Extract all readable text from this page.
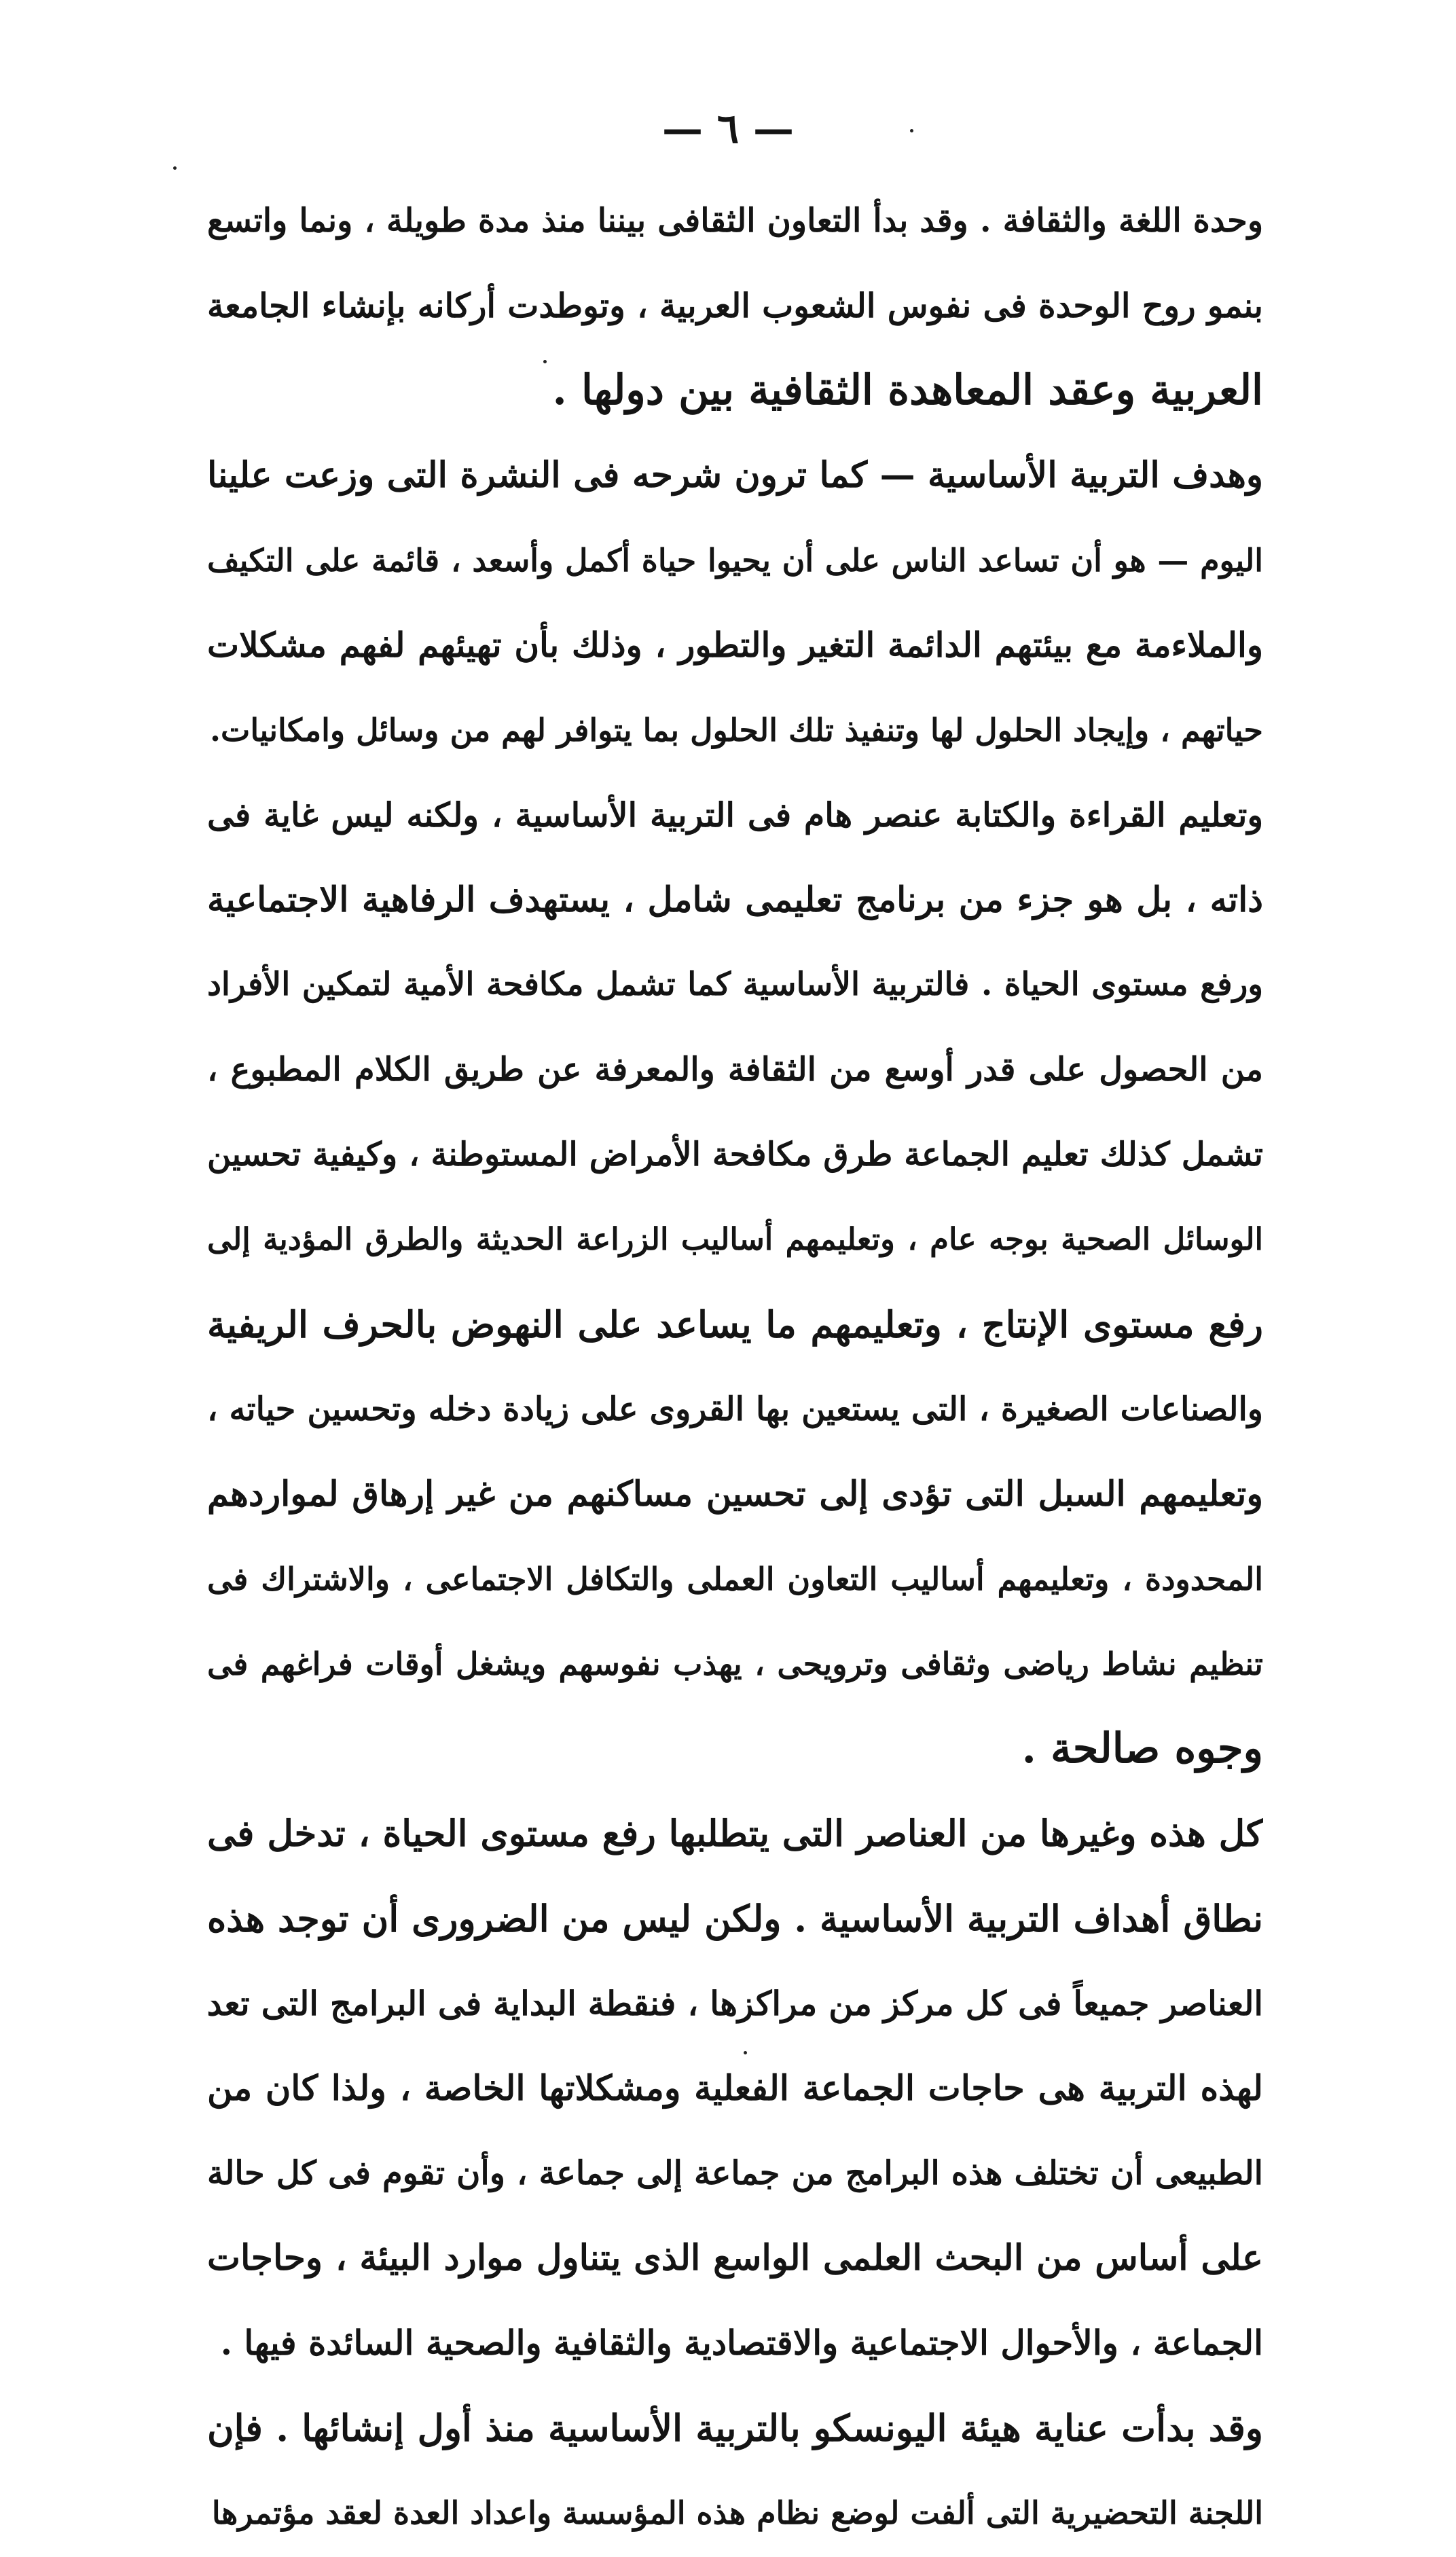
— ٦ —
وحدة اللغة والثقافة . وقد بدأ التعاون الثقافى بيننا منذ مدة طويلة ، ونما واتسع
بنمو روح الوحدة فى نفوس الشعوب العربية ، وتوطدت أركانه بإنشاء الجامعة
العربية وعقد المعاهدة الثقافية بين دولها .
وهدف التربية الأساسية — كما ترون شرحه فى النشرة التى وزعت علينا
اليوم — هو أن تساعد الناس على أن يحيوا حياة أكمل وأسعد ، قائمة على التكيف
والملاءمة مع بيئتهم الدائمة التغير والتطور ، وذلك بأن تهيئهم لفهم مشكلات
حياتهم ، وإيجاد الحلول لها وتنفيذ تلك الحلول بما يتوافر لهم من وسائل وامكانيات.
وتعليم القراءة والكتابة عنصر هام فى التربية الأساسية ، ولكنه ليس غاية فى
ذاته ، بل هو جزء من برنامج تعليمى شامل ، يستهدف الرفاهية الاجتماعية
ورفع مستوى الحياة . فالتربية الأساسية كما تشمل مكافحة الأمية لتمكين الأفراد
من الحصول على قدر أوسع من الثقافة والمعرفة عن طريق الكلام المطبوع ،
تشمل كذلك تعليم الجماعة طرق مكافحة الأمراض المستوطنة ، وكيفية تحسين
الوسائل الصحية بوجه عام ، وتعليمهم أساليب الزراعة الحديثة والطرق المؤدية إلى
رفع مستوى الإنتاج ، وتعليمهم ما يساعد على النهوض بالحرف الريفية
والصناعات الصغيرة ، التى يستعين بها القروى على زيادة دخله وتحسين حياته ،
وتعليمهم السبل التى تؤدى إلى تحسين مساكنهم من غير إرهاق لمواردهم
المحدودة ، وتعليمهم أساليب التعاون العملى والتكافل الاجتماعى ، والاشتراك فى
تنظيم نشاط رياضى وثقافى وترويحى ، يهذب نفوسهم ويشغل أوقات فراغهم فى
وجوه صالحة .
كل هذه وغيرها من العناصر التى يتطلبها رفع مستوى الحياة ، تدخل فى
نطاق أهداف التربية الأساسية . ولكن ليس من الضرورى أن توجد هذه
العناصر جميعاً فى كل مركز من مراكزها ، فنقطة البداية فى البرامج التى تعد
لهذه التربية هى حاجات الجماعة الفعلية ومشكلاتها الخاصة ، ولذا كان من
الطبيعى أن تختلف هذه البرامج من جماعة إلى جماعة ، وأن تقوم فى كل حالة
على أساس من البحث العلمى الواسع الذى يتناول موارد البيئة ، وحاجات
الجماعة ، والأحوال الاجتماعية والاقتصادية والثقافية والصحية السائدة فيها .
وقد بدأت عناية هيئة اليونسكو بالتربية الأساسية منذ أول إنشائها . فإن
اللجنة التحضيرية التى ألفت لوضع نظام هذه المؤسسة واعداد العدة لعقد مؤتمرها
